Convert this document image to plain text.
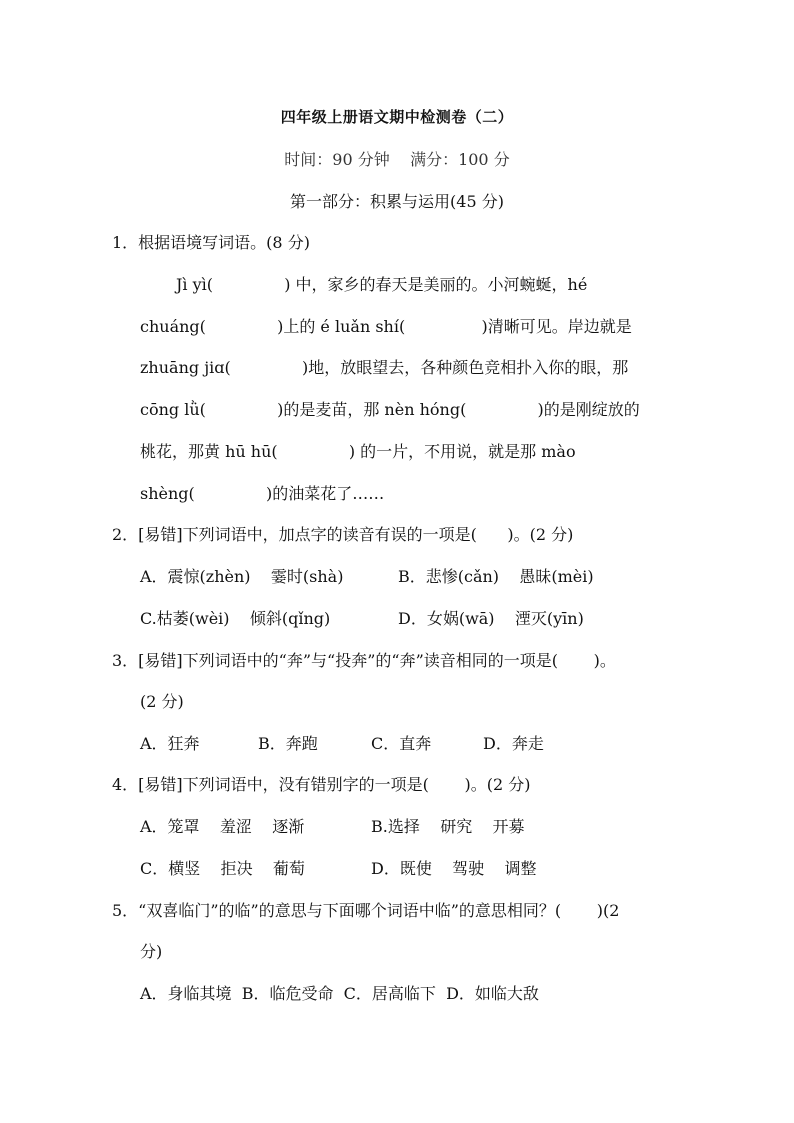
四年级上册语文期中检测卷（二）
时间：90 分钟    满分：100 分
第一部分：积累与运用(45 分)
1．根据语境写词语。(8 分)
Jì yì(              ) 中，家乡的春天是美丽的。小河蜿蜒，hé
chuáng(              )上的 é luǎn shí(               )清晰可见。岸边就是
zhuāng jiɑ(              )地，放眼望去，各种颜色竞相扑入你的眼，那
cōng lǜ(              )的是麦苗，那 nèn hóng(              )的是刚绽放的
桃花，那黄 hū hū(              ) 的一片，不用说，就是那 mào
shèng(              )的油菜花了……
2．[易错]下列词语中，加点字的读音有误的一项是(      )。(2 分)
A．震惊(zhèn)    霎时(shà)	B．悲惨(cǎn)    愚昧(mèi)
C.枯萎(wèi)    倾斜(qǐng)	D．女娲(wā)    湮灭(yīn)
3．[易错]下列词语中的“奔”与“投奔”的“奔”读音相同的一项是(       )。
(2 分)
A．狂奔	B．奔跑	C．直奔	D．奔走
4．[易错]下列词语中，没有错别字的一项是(       )。(2 分)
A．笼罩    羞涩    逐渐	B.选择    研究    开募
C．横竖    拒决    葡萄	D．既使    驾驶    调整
5．“双喜临门”的临”的意思与下面哪个词语中临”的意思相同？(       )(2
分)
A．身临其境  B．临危受命  C．居高临下  D．如临大敌
